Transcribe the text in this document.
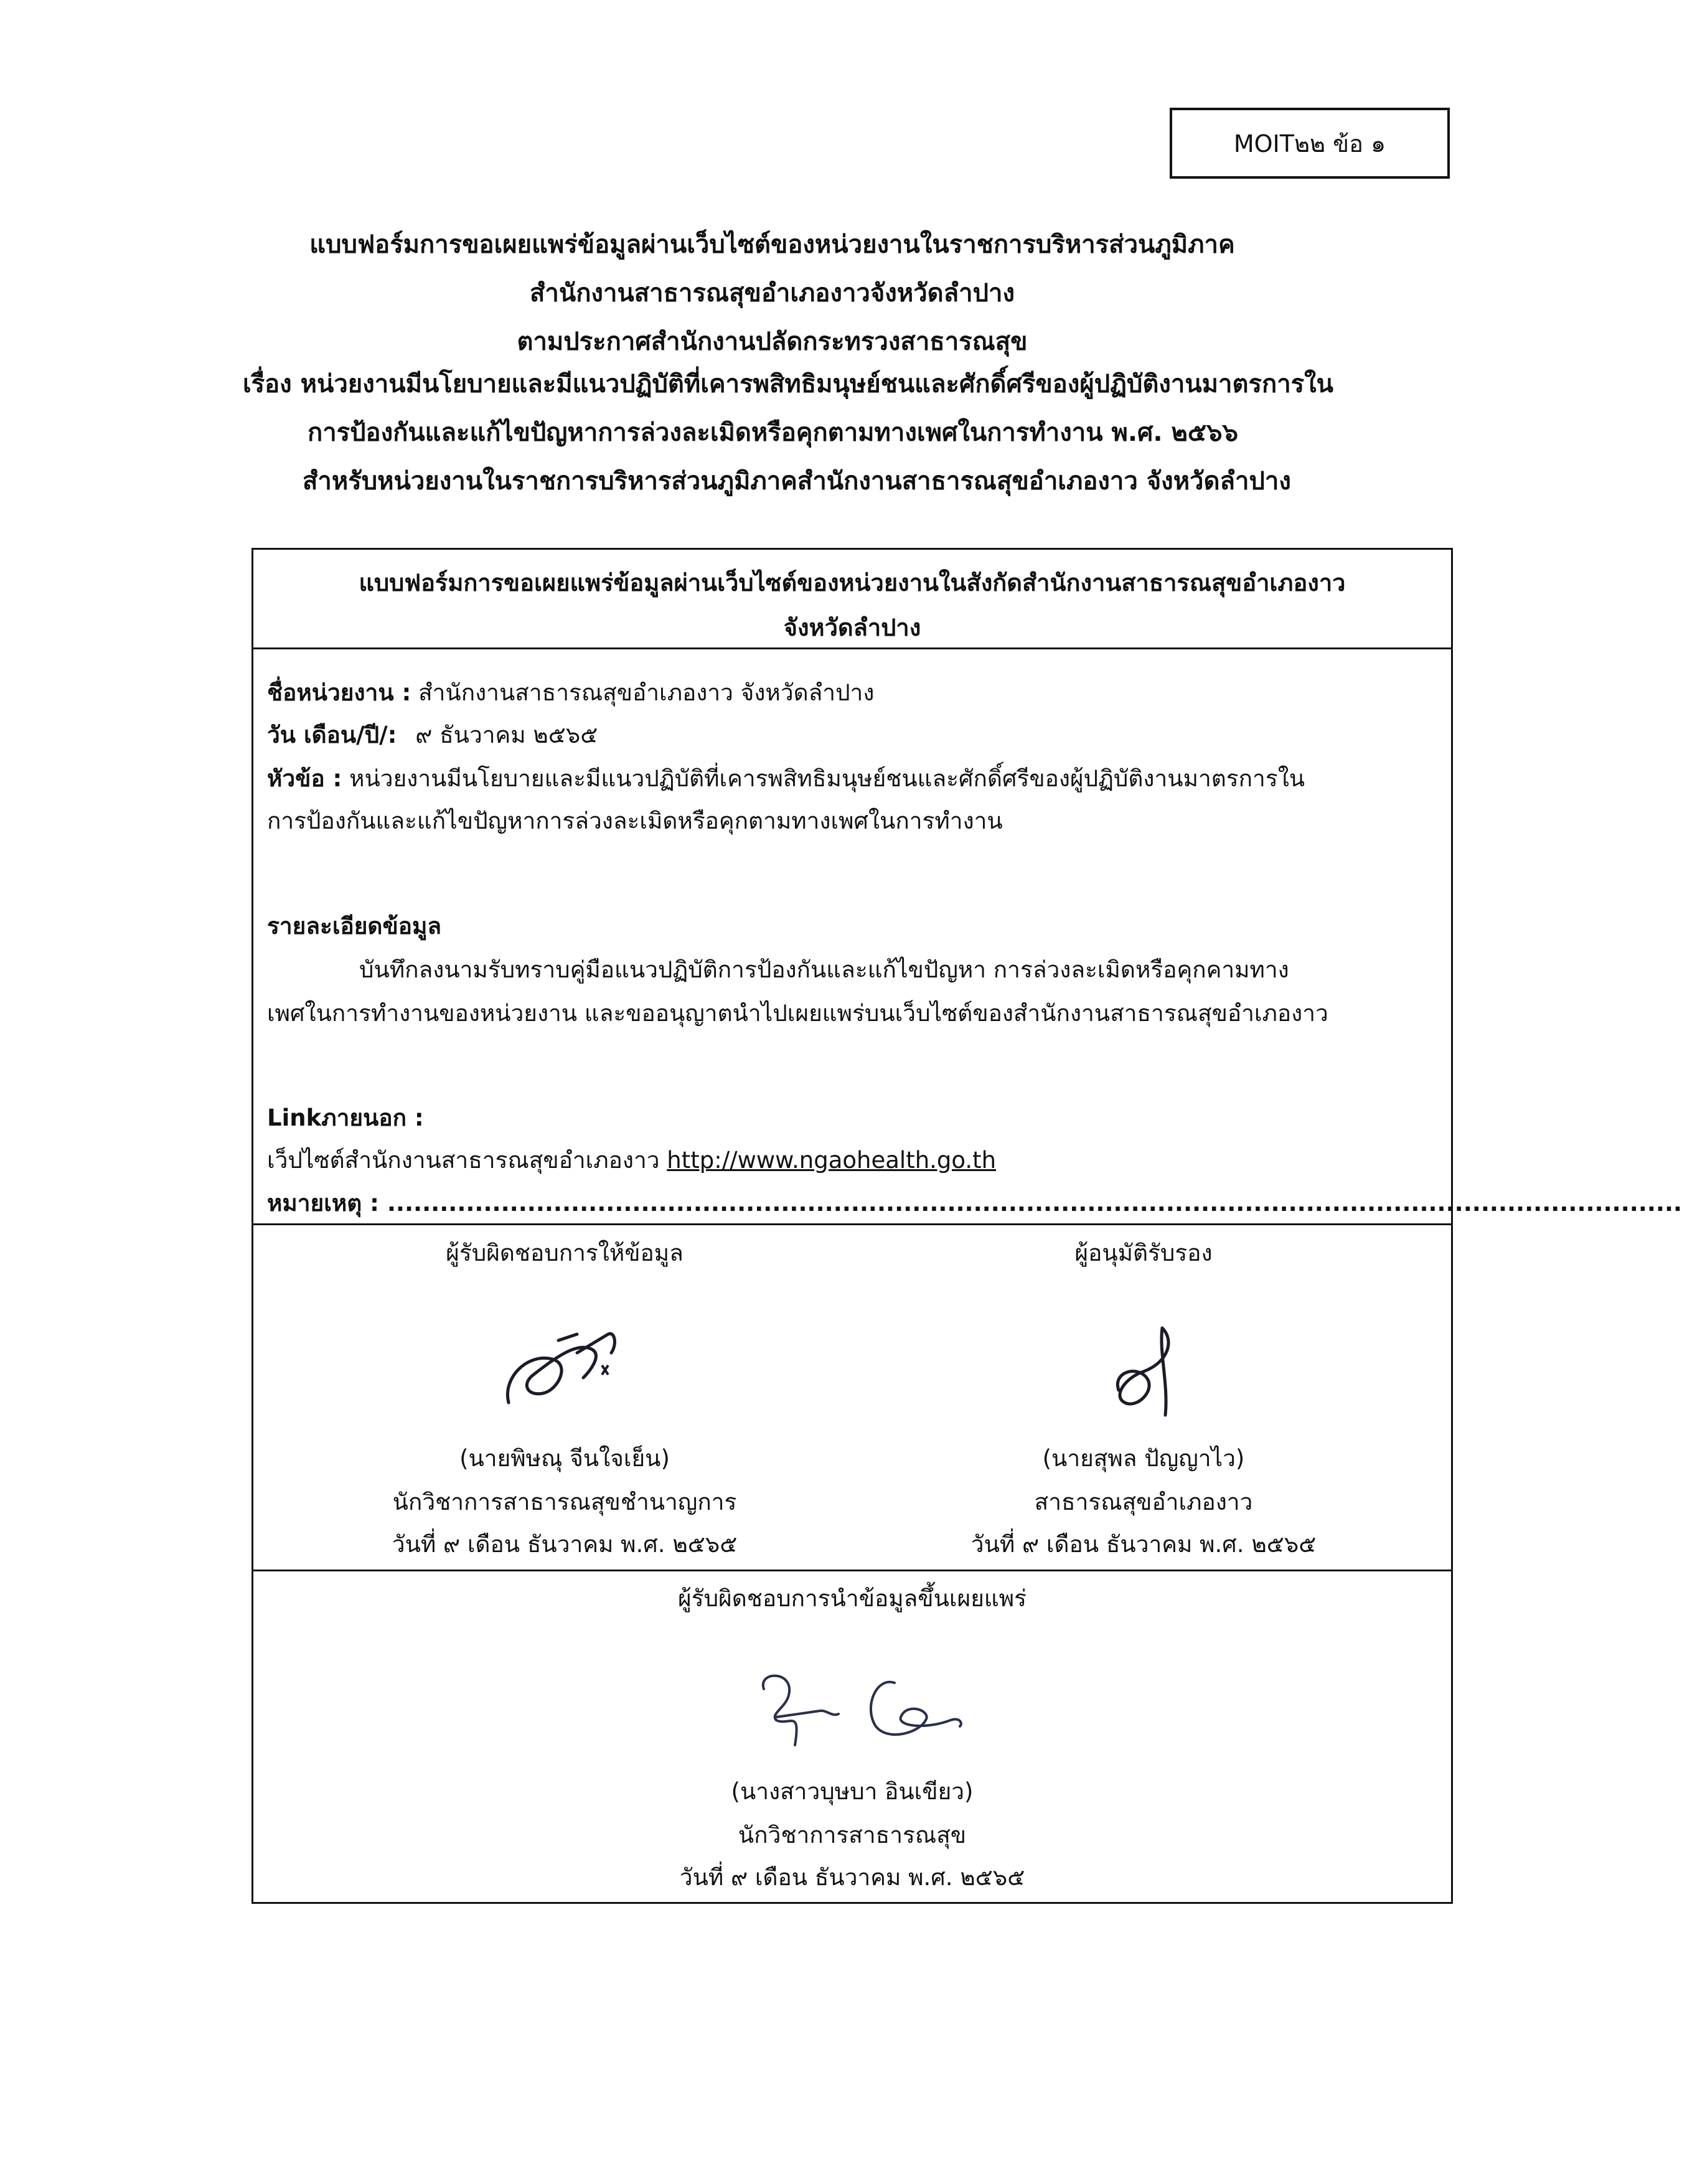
MOIT๒๒ ข้อ ๑
แบบฟอร์มการขอเผยแพร่ข้อมูลผ่านเว็บไซต์ของหน่วยงานในราชการบริหารส่วนภูมิภาค
สำนักงานสาธารณสุขอำเภองาวจังหวัดลำปาง
ตามประกาศสำนักงานปลัดกระทรวงสาธารณสุข
เรื่อง หน่วยงานมีนโยบายและมีแนวปฏิบัติที่เคารพสิทธิมนุษย์ชนและศักดิ์ศรีของผู้ปฏิบัติงานมาตรการใน
การป้องกันและแก้ไขปัญหาการล่วงละเมิดหรือคุกตามทางเพศในการทำงาน พ.ศ. ๒๕๖๖
สำหรับหน่วยงานในราชการบริหารส่วนภูมิภาคสำนักงานสาธารณสุขอำเภองาว จังหวัดลำปาง
แบบฟอร์มการขอเผยแพร่ข้อมูลผ่านเว็บไซต์ของหน่วยงานในสังกัดสำนักงานสาธารณสุขอำเภองาว
จังหวัดลำปาง
ชื่อหน่วยงาน : สำนักงานสาธารณสุขอำเภองาว จังหวัดลำปาง
วัน เดือน/ปี/: ๙ ธันวาคม ๒๕๖๕
หัวข้อ : หน่วยงานมีนโยบายและมีแนวปฏิบัติที่เคารพสิทธิมนุษย์ชนและศักดิ์ศรีของผู้ปฏิบัติงานมาตรการใน
การป้องกันและแก้ไขปัญหาการล่วงละเมิดหรือคุกตามทางเพศในการทำงาน
รายละเอียดข้อมูล
บันทึกลงนามรับทราบคู่มือแนวปฏิบัติการป้องกันและแก้ไขปัญหา การล่วงละเมิดหรือคุกคามทาง
เพศในการทำงานของหน่วยงาน และขออนุญาตนำไปเผยแพร่บนเว็บไซต์ของสำนักงานสาธารณสุขอำเภองาว
Linkภายนอก :
เว็ปไซต์สำนักงานสาธารณสุขอำเภองาว http://www.ngaohealth.go.th
หมายเหตุ : ....................................................................................................................................................
ผู้รับผิดชอบการให้ข้อมูล
(นายพิษณุ จีนใจเย็น)
นักวิชาการสาธารณสุขชำนาญการ
วันที่ ๙ เดือน ธันวาคม พ.ศ. ๒๕๖๕
ผู้อนุมัติรับรอง
(นายสุพล ปัญญาไว)
สาธารณสุขอำเภองาว
วันที่ ๙ เดือน ธันวาคม พ.ศ. ๒๕๖๕
ผู้รับผิดชอบการนำข้อมูลขึ้นเผยแพร่
(นางสาวบุษบา อินเขียว)
นักวิชาการสาธารณสุข
วันที่ ๙ เดือน ธันวาคม พ.ศ. ๒๕๖๕
